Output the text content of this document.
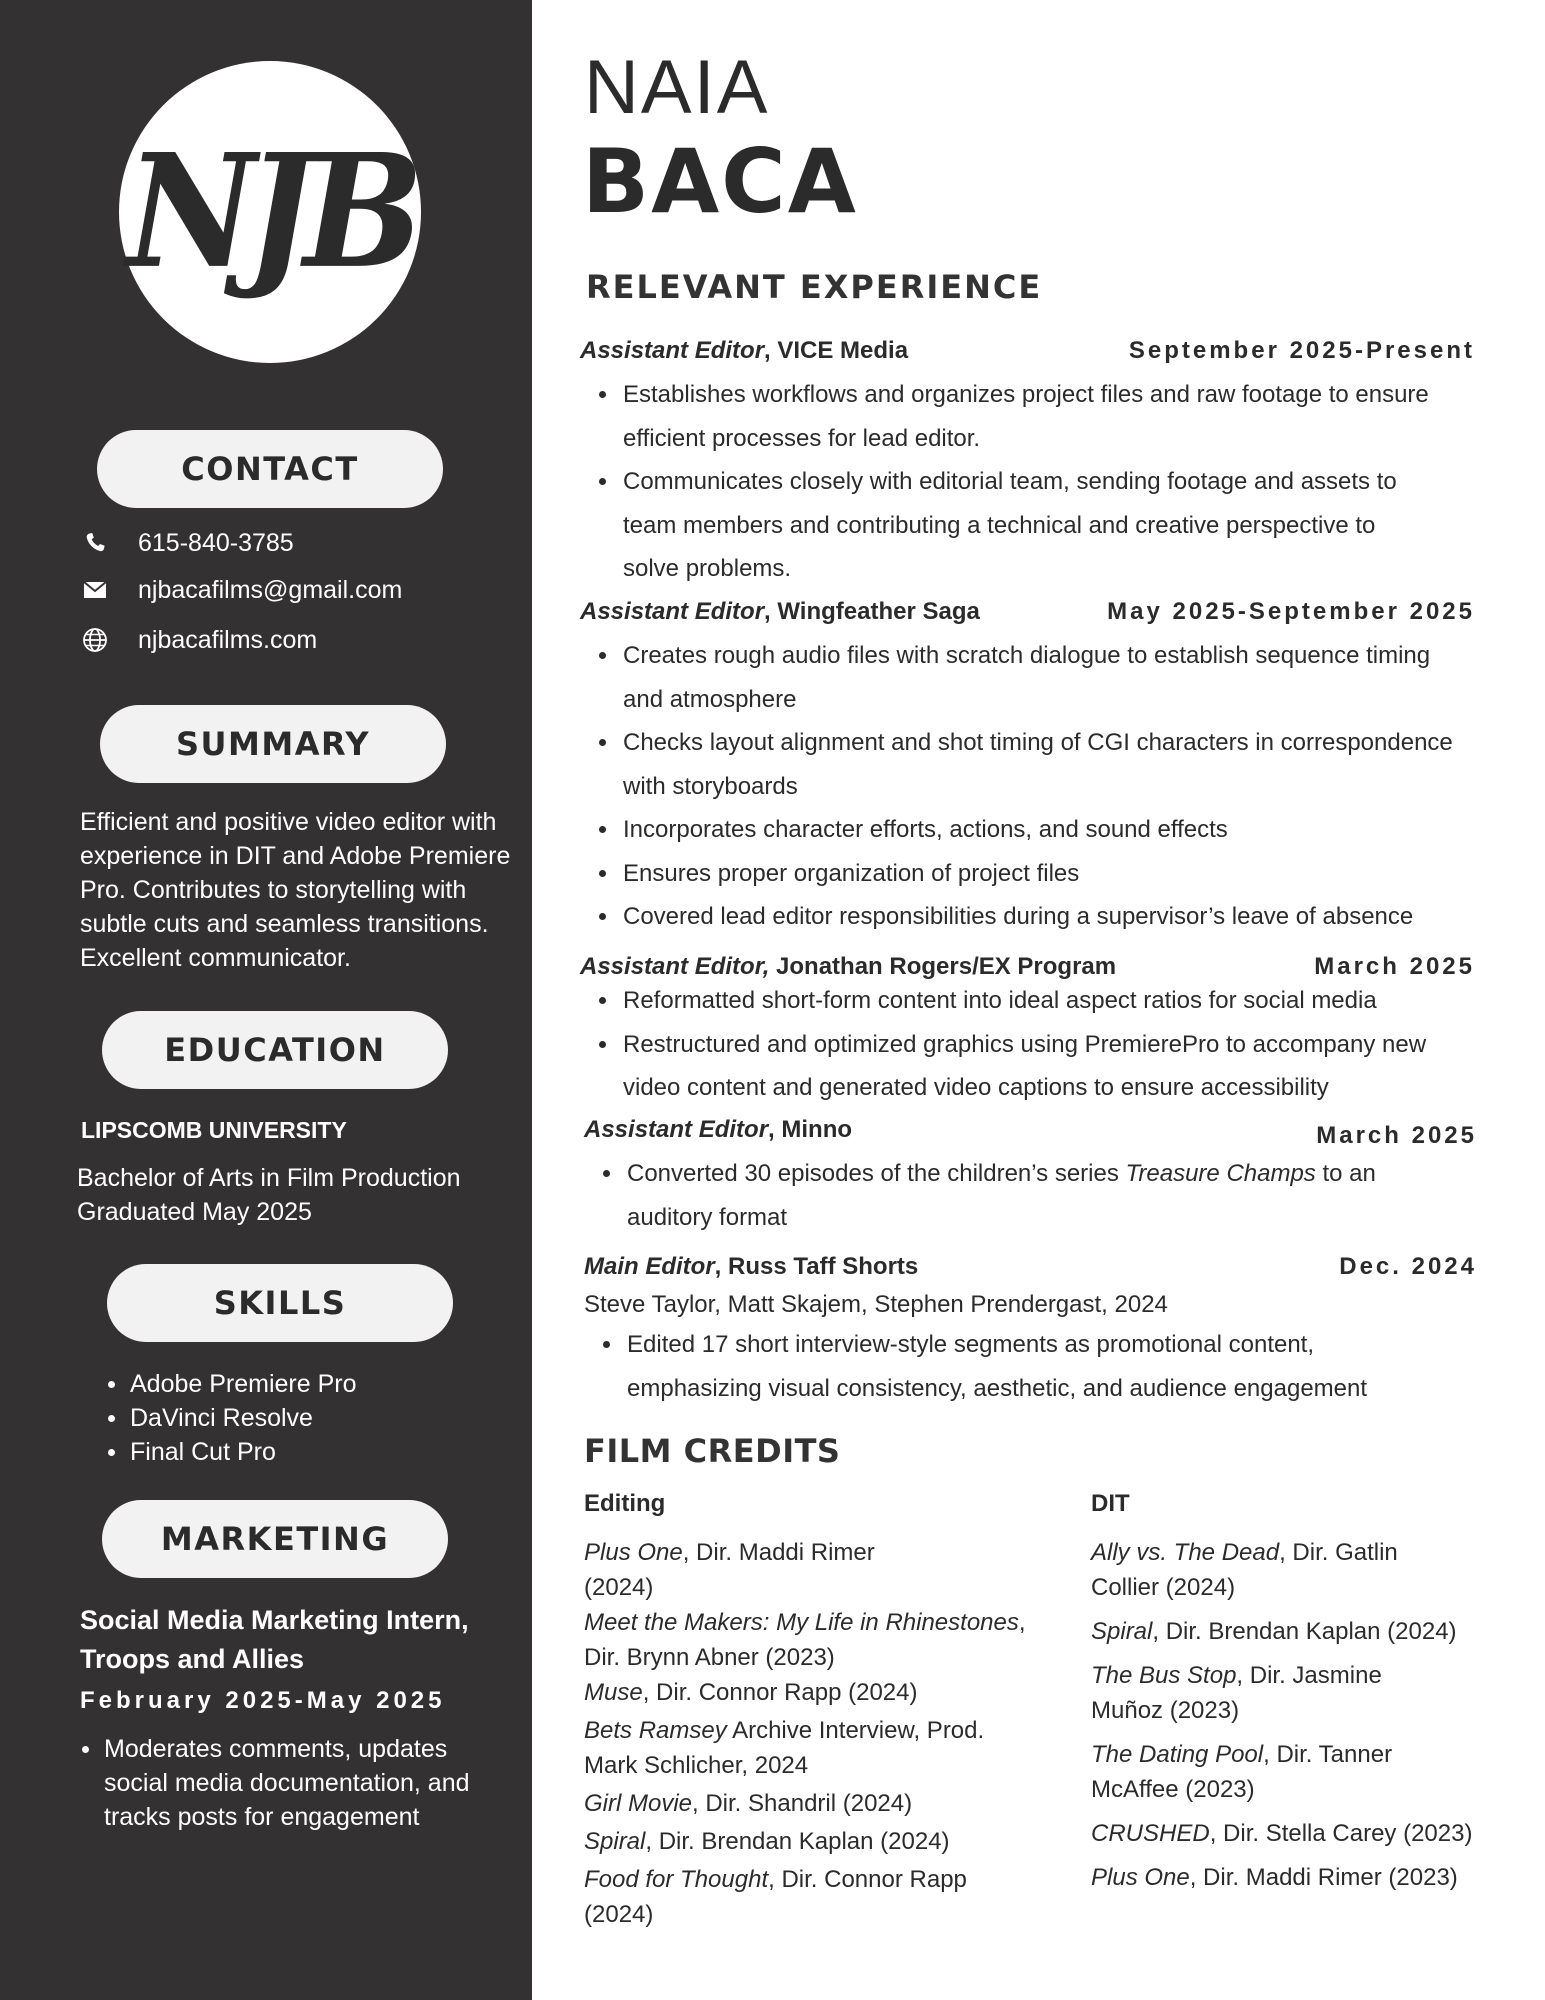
NJB
CONTACT
615-840-3785
njbacafilms@gmail.com
njbacafilms.com
SUMMARY
Efficient and positive video editor with
experience in DIT and Adobe Premiere
Pro. Contributes to storytelling with
subtle cuts and seamless transitions.
Excellent communicator.
EDUCATION
LIPSCOMB UNIVERSITY
Bachelor of Arts in Film Production
Graduated May 2025
SKILLS
Adobe Premiere Pro
DaVinci Resolve
Final Cut Pro
MARKETING
Social Media Marketing Intern,
Troops and Allies
February 2025-May 2025
Moderates comments, updates
social media documentation, and
tracks posts for engagement
NAIA
BACA
RELEVANT EXPERIENCE
Assistant Editor, VICE Media	September 2025-Present
Establishes workflows and organizes project files and raw footage to ensure
efficient processes for lead editor.
Communicates closely with editorial team, sending footage and assets to
team members and contributing a technical and creative perspective to
solve problems.
Assistant Editor, Wingfeather Saga	May 2025-September 2025
Creates rough audio files with scratch dialogue to establish sequence timing
and atmosphere
Checks layout alignment and shot timing of CGI characters in correspondence
with storyboards
Incorporates character efforts, actions, and sound effects
Ensures proper organization of project files
Covered lead editor responsibilities during a supervisor’s leave of absence
Assistant Editor, Jonathan Rogers/EX Program	March 2025
Reformatted short-form content into ideal aspect ratios for social media
Restructured and optimized graphics using PremierePro to accompany new
video content and generated video captions to ensure accessibility
Assistant Editor, Minno	March 2025
Converted 30 episodes of the children’s series Treasure Champs to an
auditory format
Main Editor, Russ Taff Shorts	Dec. 2024
Steve Taylor, Matt Skajem, Stephen Prendergast, 2024
Edited 17 short interview-style segments as promotional content,
emphasizing visual consistency, aesthetic, and audience engagement
FILM CREDITS
Editing
Plus One, Dir. Maddi Rimer
(2024)
Meet the Makers: My Life in Rhinestones,
Dir. Brynn Abner (2023)
Muse, Dir. Connor Rapp (2024)
Bets Ramsey Archive Interview, Prod.
Mark Schlicher, 2024
Girl Movie, Dir. Shandril (2024)
Spiral, Dir. Brendan Kaplan (2024)
Food for Thought, Dir. Connor Rapp
(2024)
DIT
Ally vs. The Dead, Dir. Gatlin
Collier (2024)
Spiral, Dir. Brendan Kaplan (2024)
The Bus Stop, Dir. Jasmine
Muñoz (2023)
The Dating Pool, Dir. Tanner
McAffee (2023)
CRUSHED, Dir. Stella Carey (2023)
Plus One, Dir. Maddi Rimer (2023)
